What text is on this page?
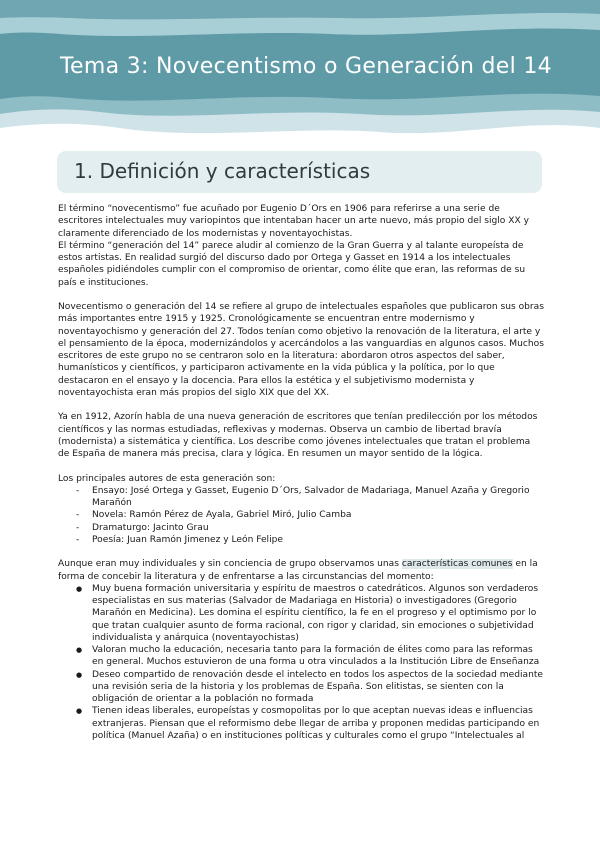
Tema 3: Novecentismo o Generación del 14
1. Definición y características

El término “novecentismo” fue acuñado por Eugenio D´Ors en 1906 para referirse a una serie de escritores intelectuales muy variopintos que intentaban hacer un arte nuevo, más propio del siglo XX y claramente diferenciado de los modernistas y noventayochistas.

El término “generación del 14” parece aludir al comienzo de la Gran Guerra y al talante europeísta de estos artistas. En realidad surgió del discurso dado por Ortega y Gasset en 1914 a los intelectuales españoles pidiéndoles cumplir con el compromiso de orientar, como élite que eran, las reformas de su país e instituciones.

Novecentismo o generación del 14 se refiere al grupo de intelectuales españoles que publicaron sus obras más importantes entre 1915 y 1925. Cronológicamente se encuentran entre modernismo y noventayochismo y generación del 27. Todos tenían como objetivo la renovación de la literatura, el arte y el pensamiento de la época, modernizándolos y acercándolos a las vanguardias en algunos casos. Muchos escritores de este grupo no se centraron solo en la literatura: abordaron otros aspectos del saber, humanísticos y científicos, y participaron activamente en la vida pública y la política, por lo que destacaron en el ensayo y la docencia. Para ellos la estética y el subjetivismo modernista y noventayochista eran más propios del siglo XIX que del XX.

Ya en 1912, Azorín habla de una nueva generación de escritores que tenían predilección por los métodos científicos y las normas estudiadas, reflexivas y modernas. Observa un cambio de libertad bravía (modernista) a sistemática y científica. Los describe como jóvenes intelectuales que tratan el problema de España de manera más precisa, clara y lógica. En resumen un mayor sentido de la lógica.

Los principales autores de esta generación son:

- Ensayo: José Ortega y Gasset, Eugenio D´Ors, Salvador de Madariaga, Manuel Azaña y Gregorio Marañón
- Novela: Ramón Pérez de Ayala, Gabriel Miró, Julio Camba
- Dramaturgo: Jacinto Grau
- Poesía: Juan Ramón Jimenez y León Felipe

Aunque eran muy individuales y sin conciencia de grupo observamos unas características comunes en la forma de concebir la literatura y de enfrentarse a las circunstancias del momento:

● Muy buena formación universitaria y espíritu de maestros o catedráticos. Algunos son verdaderos especialistas en sus materias (Salvador de Madariaga en Historia) o investigadores (Gregorio Marañón en Medicina). Les domina el espíritu científico, la fe en el progreso y el optimismo por lo que tratan cualquier asunto de forma racional, con rigor y claridad, sin emociones o subjetividad individualista y anárquica (noventayochistas)
● Valoran mucho la educación, necesaria tanto para la formación de élites como para las reformas en general. Muchos estuvieron de una forma u otra vinculados a la Institución Libre de Enseñanza
● Deseo compartido de renovación desde el intelecto en todos los aspectos de la sociedad mediante una revisión seria de la historia y los problemas de España. Son elitistas, se sienten con la obligación de orientar a la población no formada
● Tienen ideas liberales, europeístas y cosmopolitas por lo que aceptan nuevas ideas e influencias extranjeras. Piensan que el reformismo debe llegar de arriba y proponen medidas participando en política (Manuel Azaña) o en instituciones políticas y culturales como el grupo “Intelectuales al
